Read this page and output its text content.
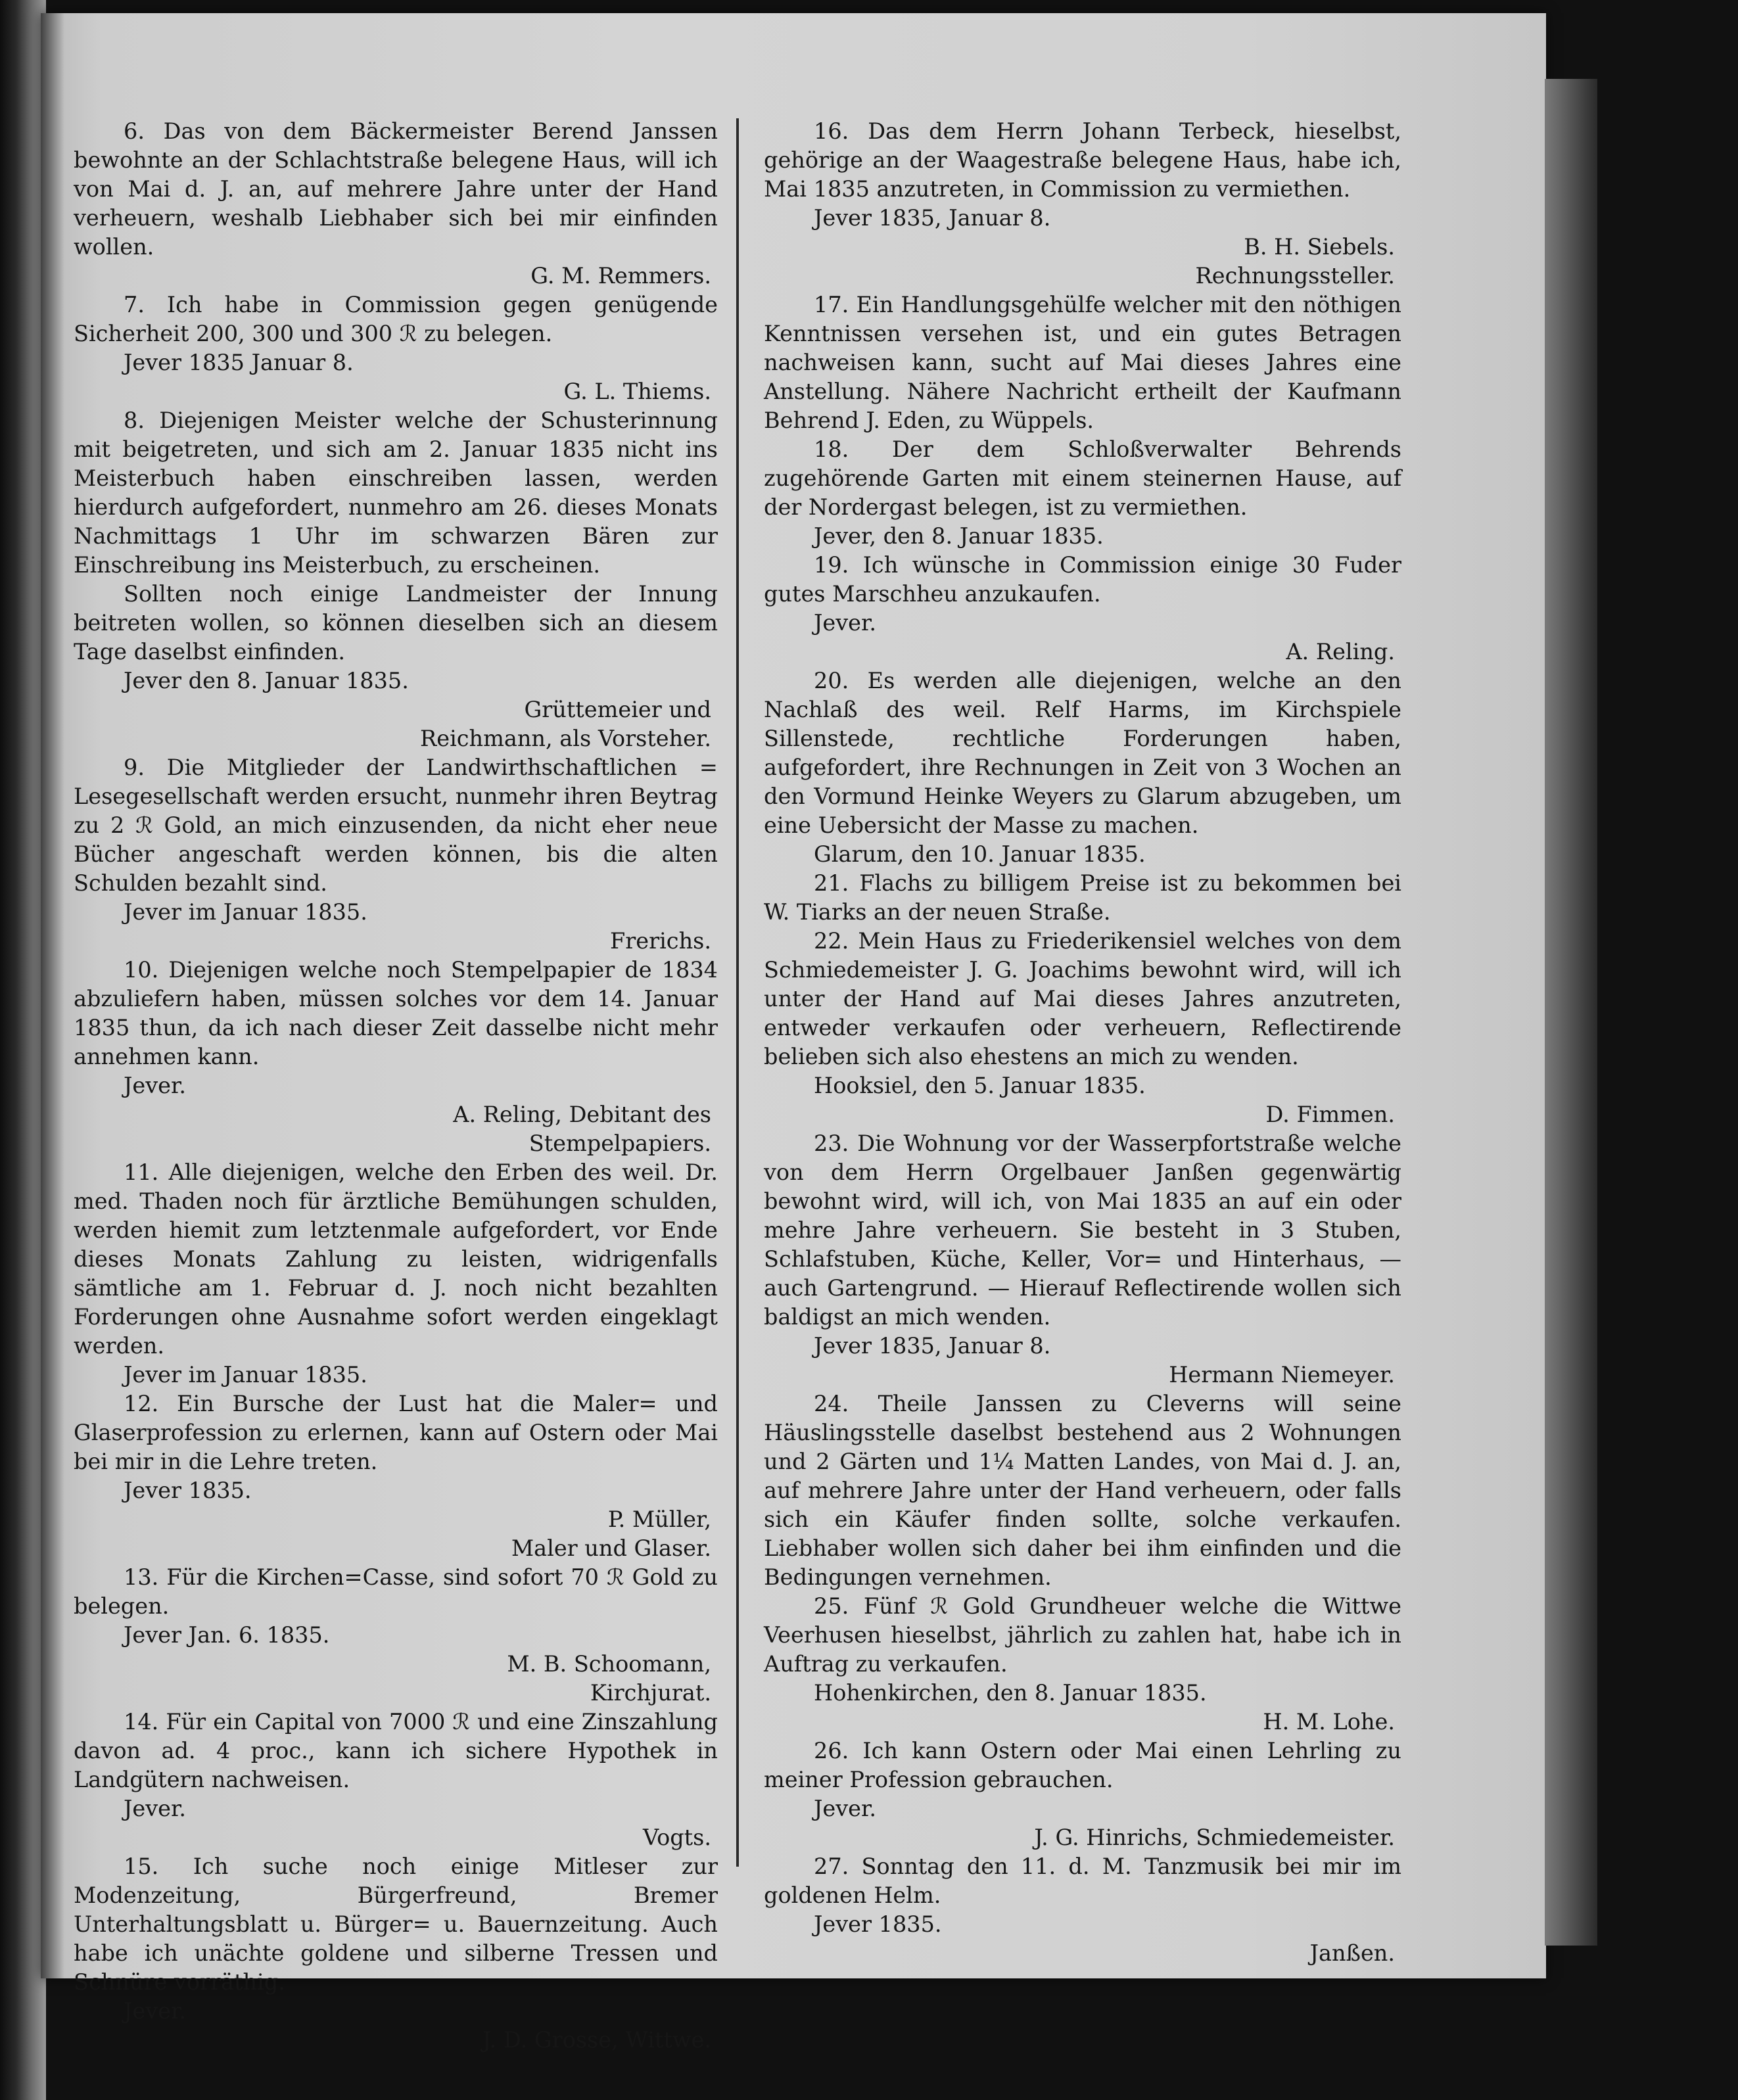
6. Das von dem Bäckermeister Berend Janssen bewohnte an der Schlachtstraße belegene Haus, will ich von Mai d. J. an, auf mehrere Jahre unter der Hand verheuern, weshalb Liebhaber sich bei mir einfinden wollen.

G. M. Remmers.

7. Ich habe in Commission gegen genügende Sicherheit 200, 300 und 300 ℛ zu belegen.

Jever 1835 Januar 8.

G. L. Thiems.

8. Diejenigen Meister welche der Schusterinnung mit beigetreten, und sich am 2. Januar 1835 nicht ins Meisterbuch haben einschreiben lassen, werden hierdurch aufgefordert, nunmehro am 26. dieses Monats Nachmittags 1 Uhr im schwarzen Bären zur Einschreibung ins Meisterbuch, zu erscheinen.

Sollten noch einige Landmeister der Innung beitreten wollen, so können dieselben sich an diesem Tage daselbst einfinden.

Jever den 8. Januar 1835.

Grüttemeier und

Reichmann, als Vorsteher.

9. Die Mitglieder der Landwirthschaftlichen = Lesegesellschaft werden ersucht, nunmehr ihren Beytrag zu 2 ℛ Gold, an mich einzusenden, da nicht eher neue Bücher angeschaft werden können, bis die alten Schulden bezahlt sind.

Jever im Januar 1835.

Frerichs.

10. Diejenigen welche noch Stempelpapier de 1834 abzuliefern haben, müssen solches vor dem 14. Januar 1835 thun, da ich nach dieser Zeit dasselbe nicht mehr annehmen kann.

Jever.

A. Reling, Debitant des

Stempelpapiers.

11. Alle diejenigen, welche den Erben des weil. Dr. med. Thaden noch für ärztliche Bemühungen schulden, werden hiemit zum letztenmale aufgefordert, vor Ende dieses Monats Zahlung zu leisten, widrigenfalls sämtliche am 1. Februar d. J. noch nicht bezahlten Forderungen ohne Ausnahme sofort werden eingeklagt werden.

Jever im Januar 1835.

12. Ein Bursche der Lust hat die Maler= und Glaserprofession zu erlernen, kann auf Ostern oder Mai bei mir in die Lehre treten.

Jever 1835.

P. Müller,

Maler und Glaser.

13. Für die Kirchen=Casse, sind sofort 70 ℛ Gold zu belegen.

Jever Jan. 6. 1835.

M. B. Schoomann,

Kirchjurat.

14. Für ein Capital von 7000 ℛ und eine Zinszahlung davon ad. 4 proc., kann ich sichere Hypothek in Landgütern nachweisen.

Jever.

Vogts.

15. Ich suche noch einige Mitleser zur Modenzeitung, Bürgerfreund, Bremer Unterhaltungsblatt u. Bürger= u. Bauernzeitung. Auch habe ich unächte goldene und silberne Tressen und Schnüre vorräthig.

Jever.

J. D. Grosse, Wittwe.

16. Das dem Herrn Johann Terbeck, hieselbst, gehörige an der Waagestraße belegene Haus, habe ich, Mai 1835 anzutreten, in Commission zu vermiethen.

Jever 1835, Januar 8.

B. H. Siebels.

Rechnungssteller.

17. Ein Handlungsgehülfe welcher mit den nöthigen Kenntnissen versehen ist, und ein gutes Betragen nachweisen kann, sucht auf Mai dieses Jahres eine Anstellung. Nähere Nachricht ertheilt der Kaufmann Behrend J. Eden, zu Wüppels.

18. Der dem Schloßverwalter Behrends zugehörende Garten mit einem steinernen Hause, auf der Nordergast belegen, ist zu vermiethen.

Jever, den 8. Januar 1835.

19. Ich wünsche in Commission einige 30 Fuder gutes Marschheu anzukaufen.

Jever.

A. Reling.

20. Es werden alle diejenigen, welche an den Nachlaß des weil. Relf Harms, im Kirchspiele Sillenstede, rechtliche Forderungen haben, aufgefordert, ihre Rechnungen in Zeit von 3 Wochen an den Vormund Heinke Weyers zu Glarum abzugeben, um eine Uebersicht der Masse zu machen.

Glarum, den 10. Januar 1835.

21. Flachs zu billigem Preise ist zu bekommen bei W. Tiarks an der neuen Straße.

22. Mein Haus zu Friederikensiel welches von dem Schmiedemeister J. G. Joachims bewohnt wird, will ich unter der Hand auf Mai dieses Jahres anzutreten, entweder verkaufen oder verheuern, Reflectirende belieben sich also ehestens an mich zu wenden.

Hooksiel, den 5. Januar 1835.

D. Fimmen.

23. Die Wohnung vor der Wasserpfortstraße welche von dem Herrn Orgelbauer Janßen gegenwärtig bewohnt wird, will ich, von Mai 1835 an auf ein oder mehre Jahre verheuern. Sie besteht in 3 Stuben, Schlafstuben, Küche, Keller, Vor= und Hinterhaus, — auch Gartengrund. — Hierauf Reflectirende wollen sich baldigst an mich wenden.

Jever 1835, Januar 8.

Hermann Niemeyer.

24. Theile Janssen zu Cleverns will seine Häuslingsstelle daselbst bestehend aus 2 Wohnungen und 2 Gärten und 1¼ Matten Landes, von Mai d. J. an, auf mehrere Jahre unter der Hand verheuern, oder falls sich ein Käufer finden sollte, solche verkaufen. Liebhaber wollen sich daher bei ihm einfinden und die Bedingungen vernehmen.

25. Fünf ℛ Gold Grundheuer welche die Wittwe Veerhusen hieselbst, jährlich zu zahlen hat, habe ich in Auftrag zu verkaufen.

Hohenkirchen, den 8. Januar 1835.

H. M. Lohe.

26. Ich kann Ostern oder Mai einen Lehrling zu meiner Profession gebrauchen.

Jever.

J. G. Hinrichs, Schmiedemeister.

27. Sonntag den 11. d. M. Tanzmusik bei mir im goldenen Helm.

Jever 1835.

Janßen.
